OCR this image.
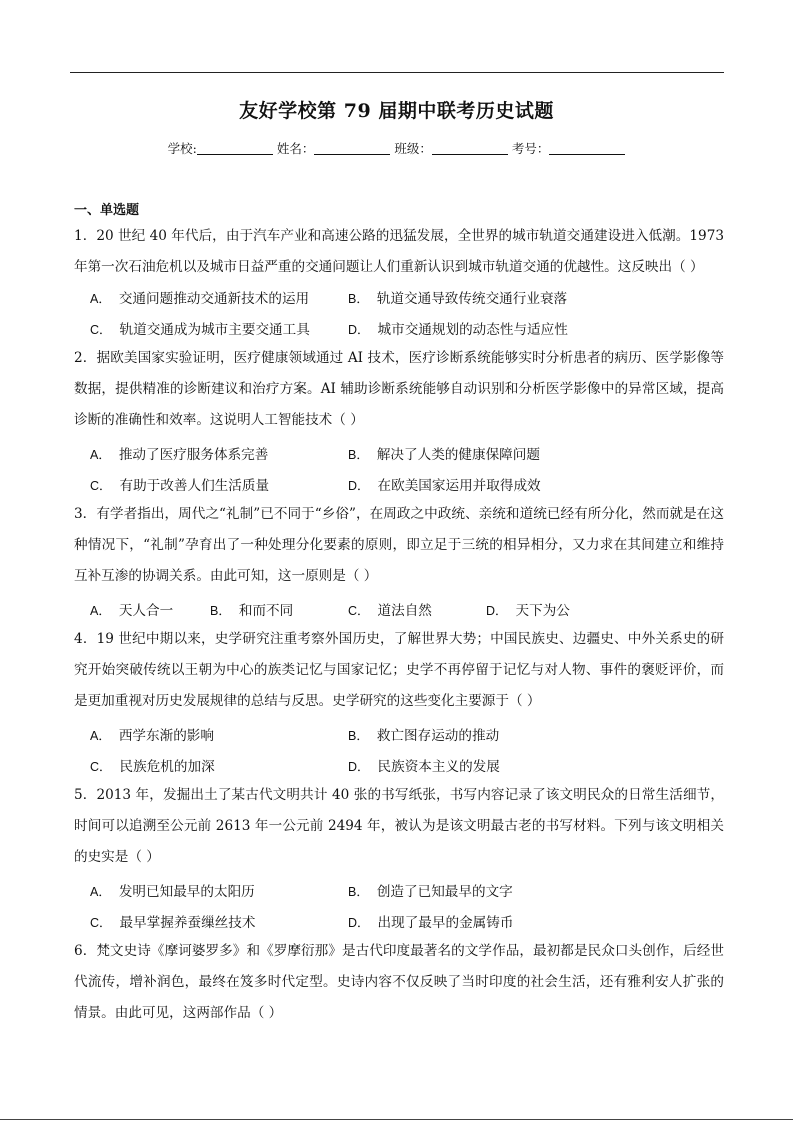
友好学校第 79 届期中联考历史试题
学校:	姓名：	班级：	考号：
一、单选题
1．20 世纪 40 年代后，由于汽车产业和高速公路的迅猛发展，全世界的城市轨道交通建设进入低潮。1973 年第一次石油危机以及城市日益严重的交通问题让人们重新认识到城市轨道交通的优越性。这反映出（ ）
A． 交通问题推动交通新技术的运用	B． 轨道交通导致传统交通行业衰落
C． 轨道交通成为城市主要交通工具	D． 城市交通规划的动态性与适应性
2．据欧美国家实验证明，医疗健康领域通过 AI 技术，医疗诊断系统能够实时分析患者的病历、医学影像等数据，提供精准的诊断建议和治疗方案。AI 辅助诊断系统能够自动识别和分析医学影像中的异常区域，提高诊断的准确性和效率。这说明人工智能技术（ ）
A． 推动了医疗服务体系完善	B． 解决了人类的健康保障问题
C． 有助于改善人们生活质量	D． 在欧美国家运用并取得成效
3．有学者指出，周代之“礼制”已不同于“乡俗”，在周政之中政统、亲统和道统已经有所分化，然而就是在这种情况下，“礼制”孕育出了一种处理分化要素的原则，即立足于三统的相异相分，又力求在其间建立和维持互补互渗的协调关系。由此可知，这一原则是（ ）
A． 天人合一	B． 和而不同	C． 道法自然	D． 天下为公
4．19 世纪中期以来，史学研究注重考察外国历史，了解世界大势；中国民族史、边疆史、中外关系史的研究开始突破传统以王朝为中心的族类记忆与国家记忆；史学不再停留于记忆与对人物、事件的褒贬评价，而是更加重视对历史发展规律的总结与反思。史学研究的这些变化主要源于（ ）
A． 西学东渐的影响	B． 救亡图存运动的推动
C． 民族危机的加深	D． 民族资本主义的发展
5．2013 年，发掘出土了某古代文明共计 40 张的书写纸张，书写内容记录了该文明民众的日常生活细节，时间可以追溯至公元前 2613 年一公元前 2494 年，被认为是该文明最古老的书写材料。下列与该文明相关的史实是（ ）
A． 发明已知最早的太阳历	B． 创造了已知最早的文字
C． 最早掌握养蚕缫丝技术	D． 出现了最早的金属铸币
6．梵文史诗《摩诃婆罗多》和《罗摩衍那》是古代印度最著名的文学作品，最初都是民众口头创作，后经世代流传，增补润色，最终在笈多时代定型。史诗内容不仅反映了当时印度的社会生活，还有雅利安人扩张的情景。由此可见，这两部作品（ ）
